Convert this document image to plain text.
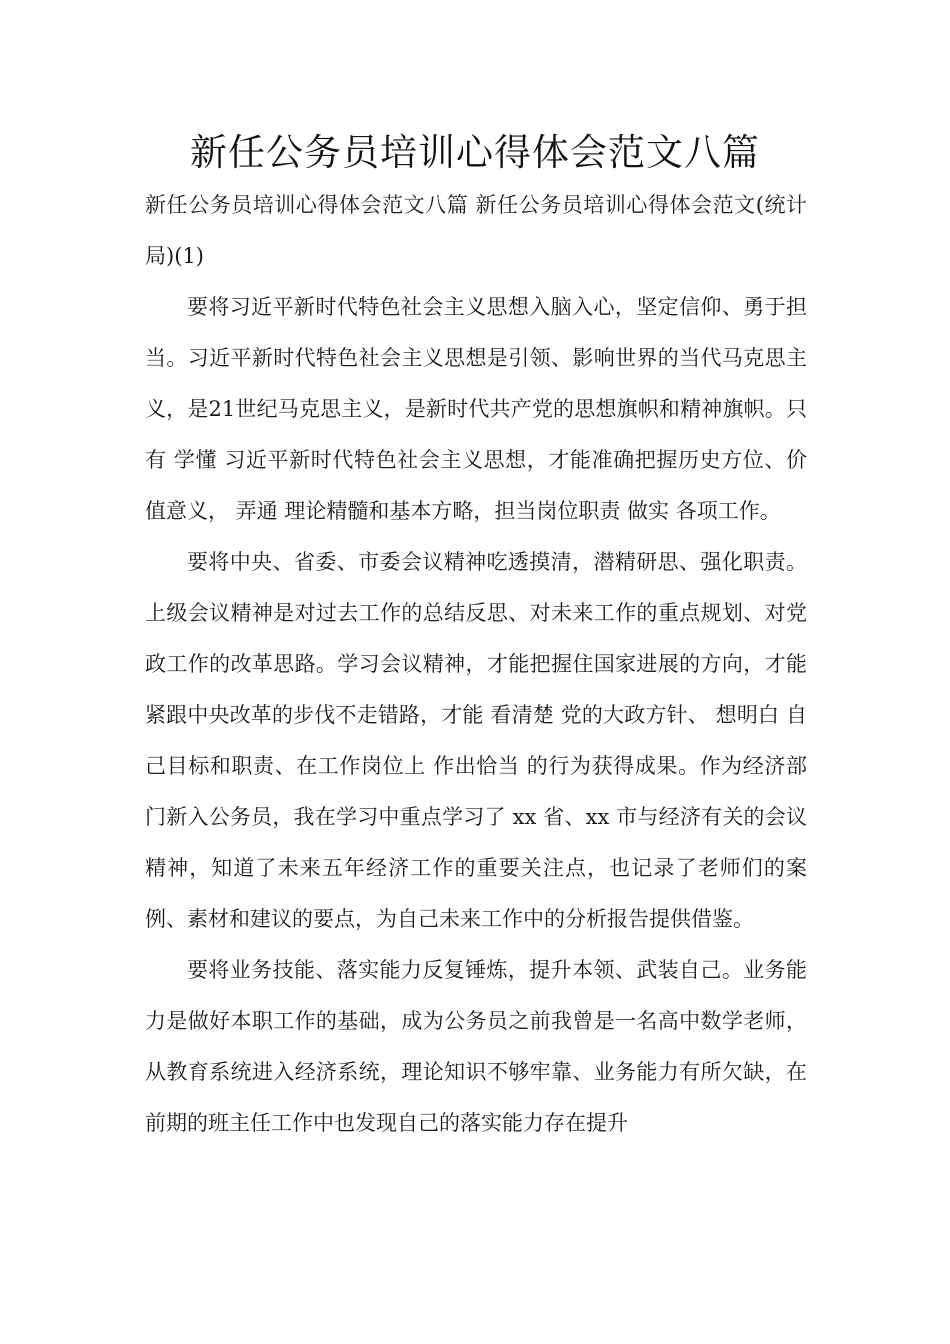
新任公务员培训心得体会范文八篇

新任公务员培训心得体会范文八篇 新任公务员培训心得体会范文(统计局)(1)

要将习近平新时代特色社会主义思想入脑入心，坚定信仰、勇于担当。习近平新时代特色社会主义思想是引领、影响世界的当代马克思主义，是21世纪马克思主义，是新时代共产党的思想旗帜和精神旗帜。只有 学懂 习近平新时代特色社会主义思想，才能准确把握历史方位、价值意义， 弄通 理论精髓和基本方略，担当岗位职责 做实 各项工作。

要将中央、省委、市委会议精神吃透摸清，潜精研思、强化职责。上级会议精神是对过去工作的总结反思、对未来工作的重点规划、对党政工作的改革思路。学习会议精神，才能把握住国家进展的方向，才能紧跟中央改革的步伐不走错路，才能 看清楚 党的大政方针、 想明白 自己目标和职责、在工作岗位上 作出恰当 的行为获得成果。作为经济部门新入公务员，我在学习中重点学习了 xx 省、xx 市与经济有关的会议精神，知道了未来五年经济工作的重要关注点，也记录了老师们的案例、素材和建议的要点，为自己未来工作中的分析报告提供借鉴。

要将业务技能、落实能力反复锤炼，提升本领、武装自己。业务能力是做好本职工作的基础，成为公务员之前我曾是一名高中数学老师，从教育系统进入经济系统，理论知识不够牢靠、业务能力有所欠缺，在前期的班主任工作中也发现自己的落实能力存在提升
